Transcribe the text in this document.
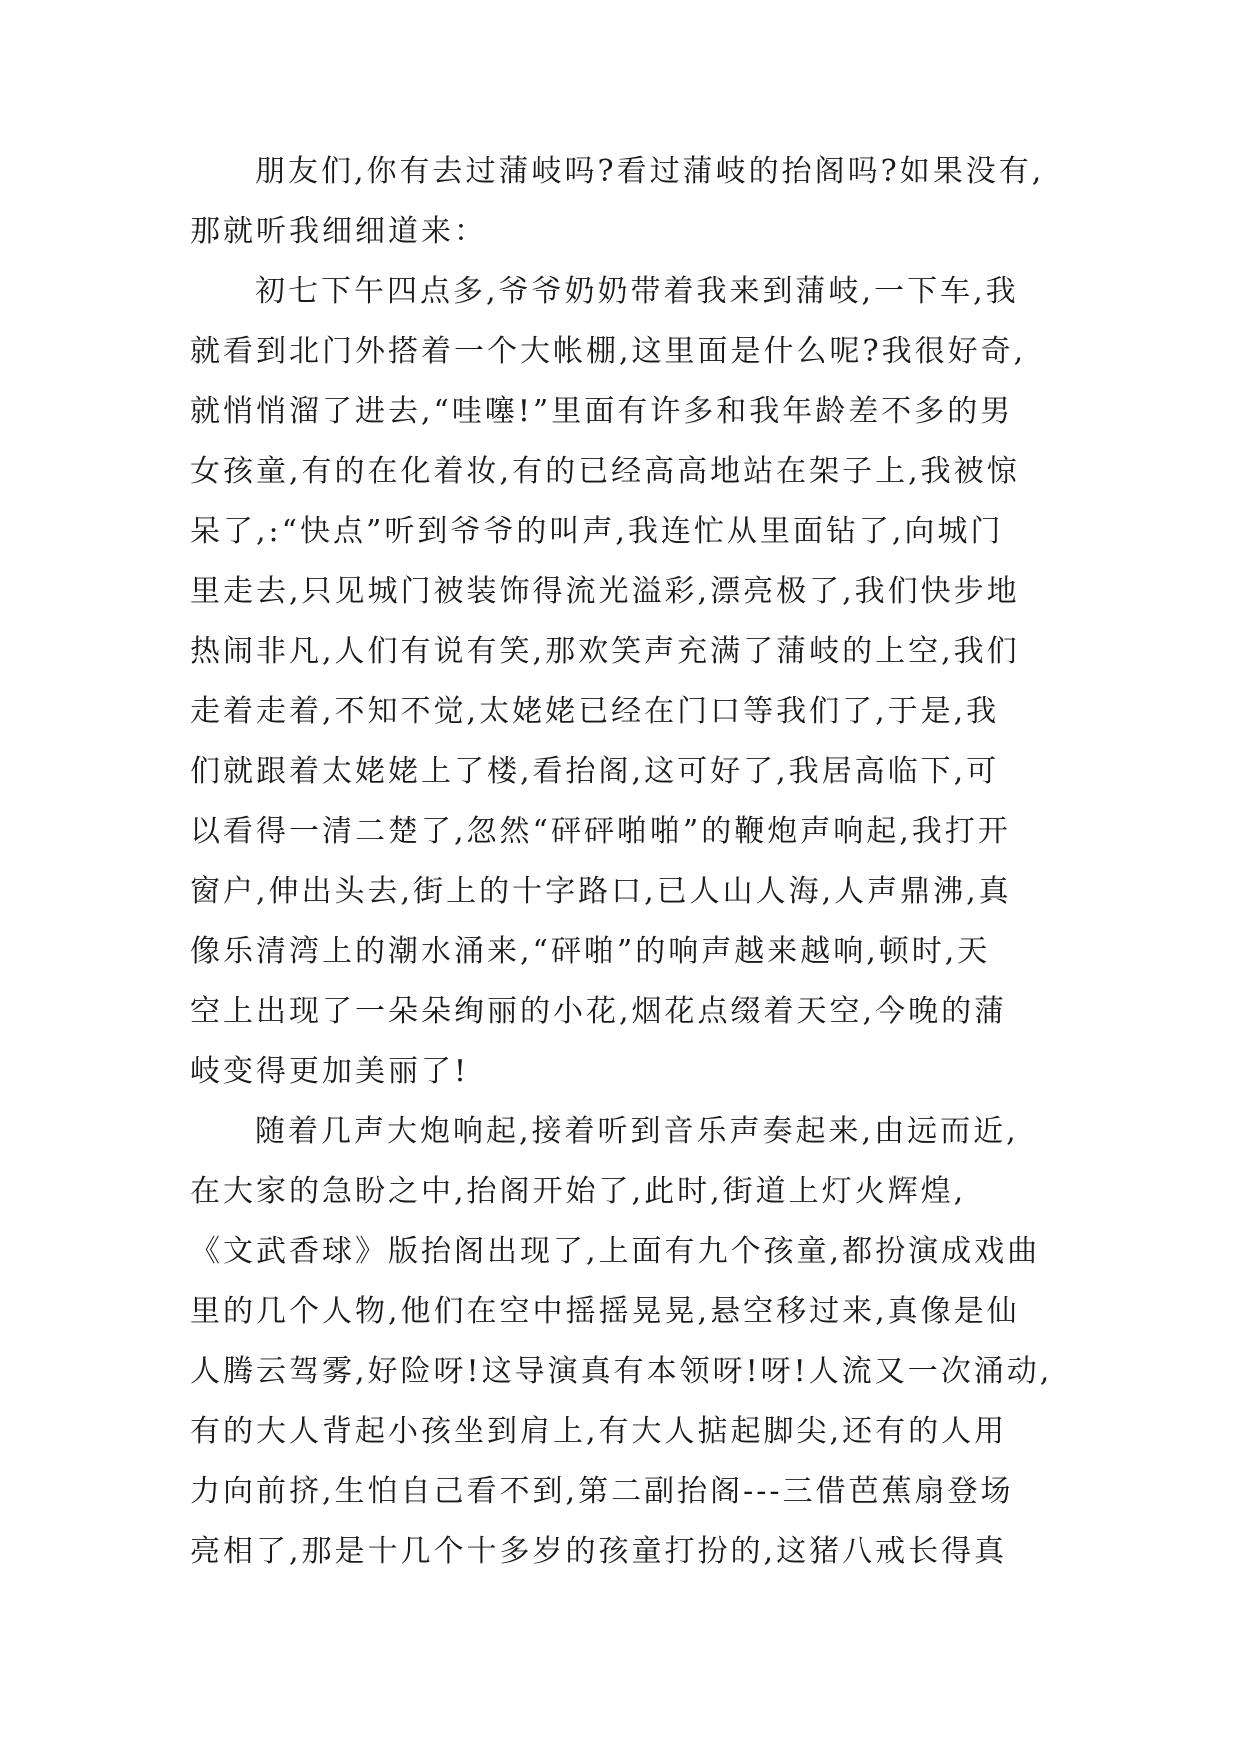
朋友们,你有去过蒲岐吗?看过蒲岐的抬阁吗?如果没有,
那就听我细细道来：
初七下午四点多,爷爷奶奶带着我来到蒲岐,一下车,我
就看到北门外搭着一个大帐棚,这里面是什么呢?我很好奇,
就悄悄溜了进去,“哇噻!”里面有许多和我年龄差不多的男
女孩童,有的在化着妆,有的已经高高地站在架子上,我被惊
呆了,:“快点”听到爷爷的叫声,我连忙从里面钻了,向城门
里走去,只见城门被装饰得流光溢彩,漂亮极了,我们快步地
热闹非凡,人们有说有笑,那欢笑声充满了蒲岐的上空,我们
走着走着,不知不觉,太姥姥已经在门口等我们了,于是,我
们就跟着太姥姥上了楼,看抬阁,这可好了,我居高临下,可
以看得一清二楚了,忽然“砰砰啪啪”的鞭炮声响起,我打开
窗户,伸出头去,街上的十字路口,已人山人海,人声鼎沸,真
像乐清湾上的潮水涌来,“砰啪”的响声越来越响,顿时,天
空上出现了一朵朵绚丽的小花,烟花点缀着天空,今晚的蒲
岐变得更加美丽了!
随着几声大炮响起,接着听到音乐声奏起来,由远而近,
在大家的急盼之中,抬阁开始了,此时,街道上灯火辉煌,
《文武香球》版抬阁出现了,上面有九个孩童,都扮演成戏曲
里的几个人物,他们在空中摇摇晃晃,悬空移过来,真像是仙
人腾云驾雾,好险呀!这导演真有本领呀!呀!人流又一次涌动,
有的大人背起小孩坐到肩上,有大人掂起脚尖,还有的人用
力向前挤,生怕自己看不到,第二副抬阁---三借芭蕉扇登场
亮相了,那是十几个十多岁的孩童打扮的,这猪八戒长得真
